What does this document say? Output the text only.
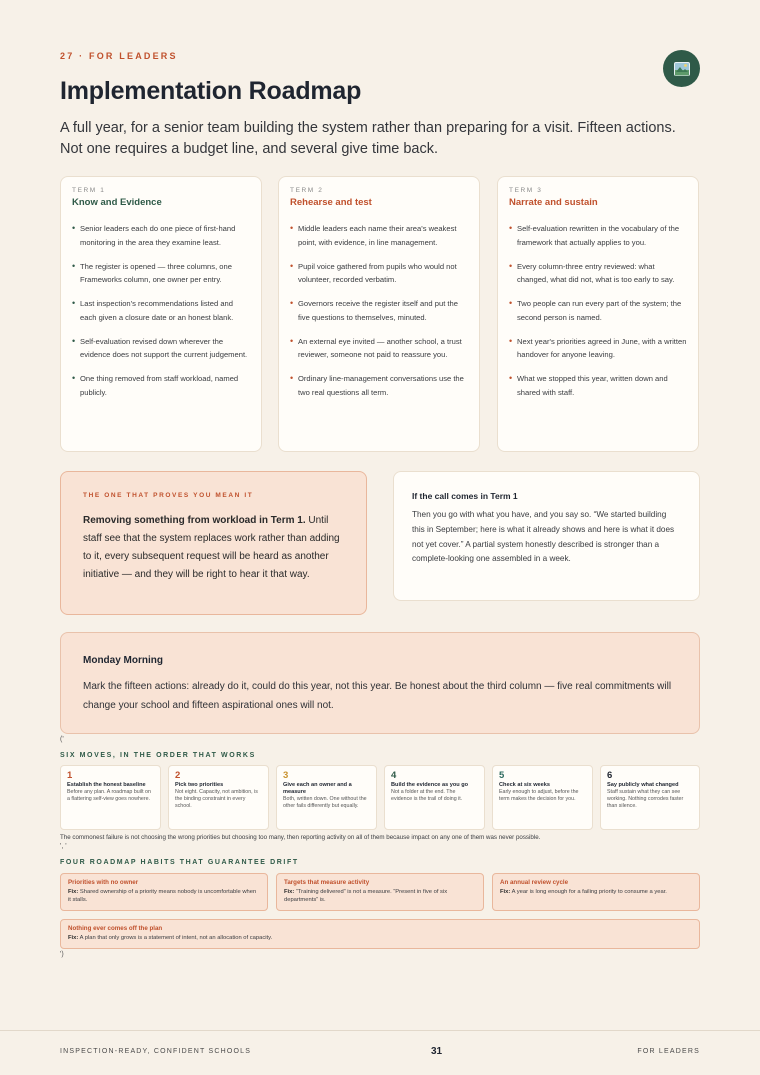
27 · FOR LEADERS
Implementation Roadmap
A full year, for a senior team building the system rather than preparing for a visit. Fifteen actions. Not one requires a budget line, and several give time back.
TERM 1
Know and Evidence
• Senior leaders each do one piece of first-hand monitoring in the area they examine least.
• The register is opened — three columns, one Frameworks column, one owner per entry.
• Last inspection's recommendations listed and each given a closure date or an honest blank.
• Self-evaluation revised down wherever the evidence does not support the current judgement.
• One thing removed from staff workload, named publicly.
TERM 2
Rehearse and test
• Middle leaders each name their area's weakest point, with evidence, in line management.
• Pupil voice gathered from pupils who would not volunteer, recorded verbatim.
• Governors receive the register itself and put the five questions to themselves, minuted.
• An external eye invited — another school, a trust reviewer, someone not paid to reassure you.
• Ordinary line-management conversations use the two real questions all term.
TERM 3
Narrate and sustain
• Self-evaluation rewritten in the vocabulary of the framework that actually applies to you.
• Every column-three entry reviewed: what changed, what did not, what is too early to say.
• Two people can run every part of the system; the second person is named.
• Next year's priorities agreed in June, with a written handover for anyone leaving.
• What we stopped this year, written down and shared with staff.
THE ONE THAT PROVES YOU MEAN IT

Removing something from workload in Term 1. Until staff see that the system replaces work rather than adding to it, every subsequent request will be heard as another initiative — and they will be right to hear it that way.

If the call comes in Term 1

Then you go with what you have, and you say so. “We started building this in September; here is what it already shows and here is what it does not yet cover.” A partial system honestly described is stronger than a complete-looking one assembled in a week.

Monday Morning

Mark the fifteen actions: already do it, could do this year, not this year. Be honest about the third column — five real commitments will change your school and fifteen aspirational ones will not.

('
SIX MOVES, IN THE ORDER THAT WORKS
1
Establish the honest baseline
Before any plan. A roadmap built on a flattering self-view goes nowhere.
2
Pick two priorities
Not eight. Capacity, not ambition, is the binding constraint in every school.
3
Give each an owner and a measure
Both, written down. One without the other fails differently but equally.
4
Build the evidence as you go
Not a folder at the end. The evidence is the trail of doing it.
5
Check at six weeks
Early enough to adjust, before the term makes the decision for you.
6
Say publicly what changed
Staff sustain what they can see working. Nothing corrodes faster than silence.
The commonest failure is not choosing the wrong priorities but choosing too many, then reporting activity on all of them because impact on any one of them was never possible.
', '
FOUR ROADMAP HABITS THAT GUARANTEE DRIFT
Priorities with no owner
Fix: Shared ownership of a priority means nobody is uncomfortable when it stalls.
Targets that measure activity
Fix: “Training delivered” is not a measure. “Present in five of six departments” is.
An annual review cycle
Fix: A year is long enough for a failing priority to consume a year.
Nothing ever comes off the plan
Fix: A plan that only grows is a statement of intent, not an allocation of capacity.
')
INSPECTION-READY, CONFIDENT SCHOOLS	31	FOR LEADERS
